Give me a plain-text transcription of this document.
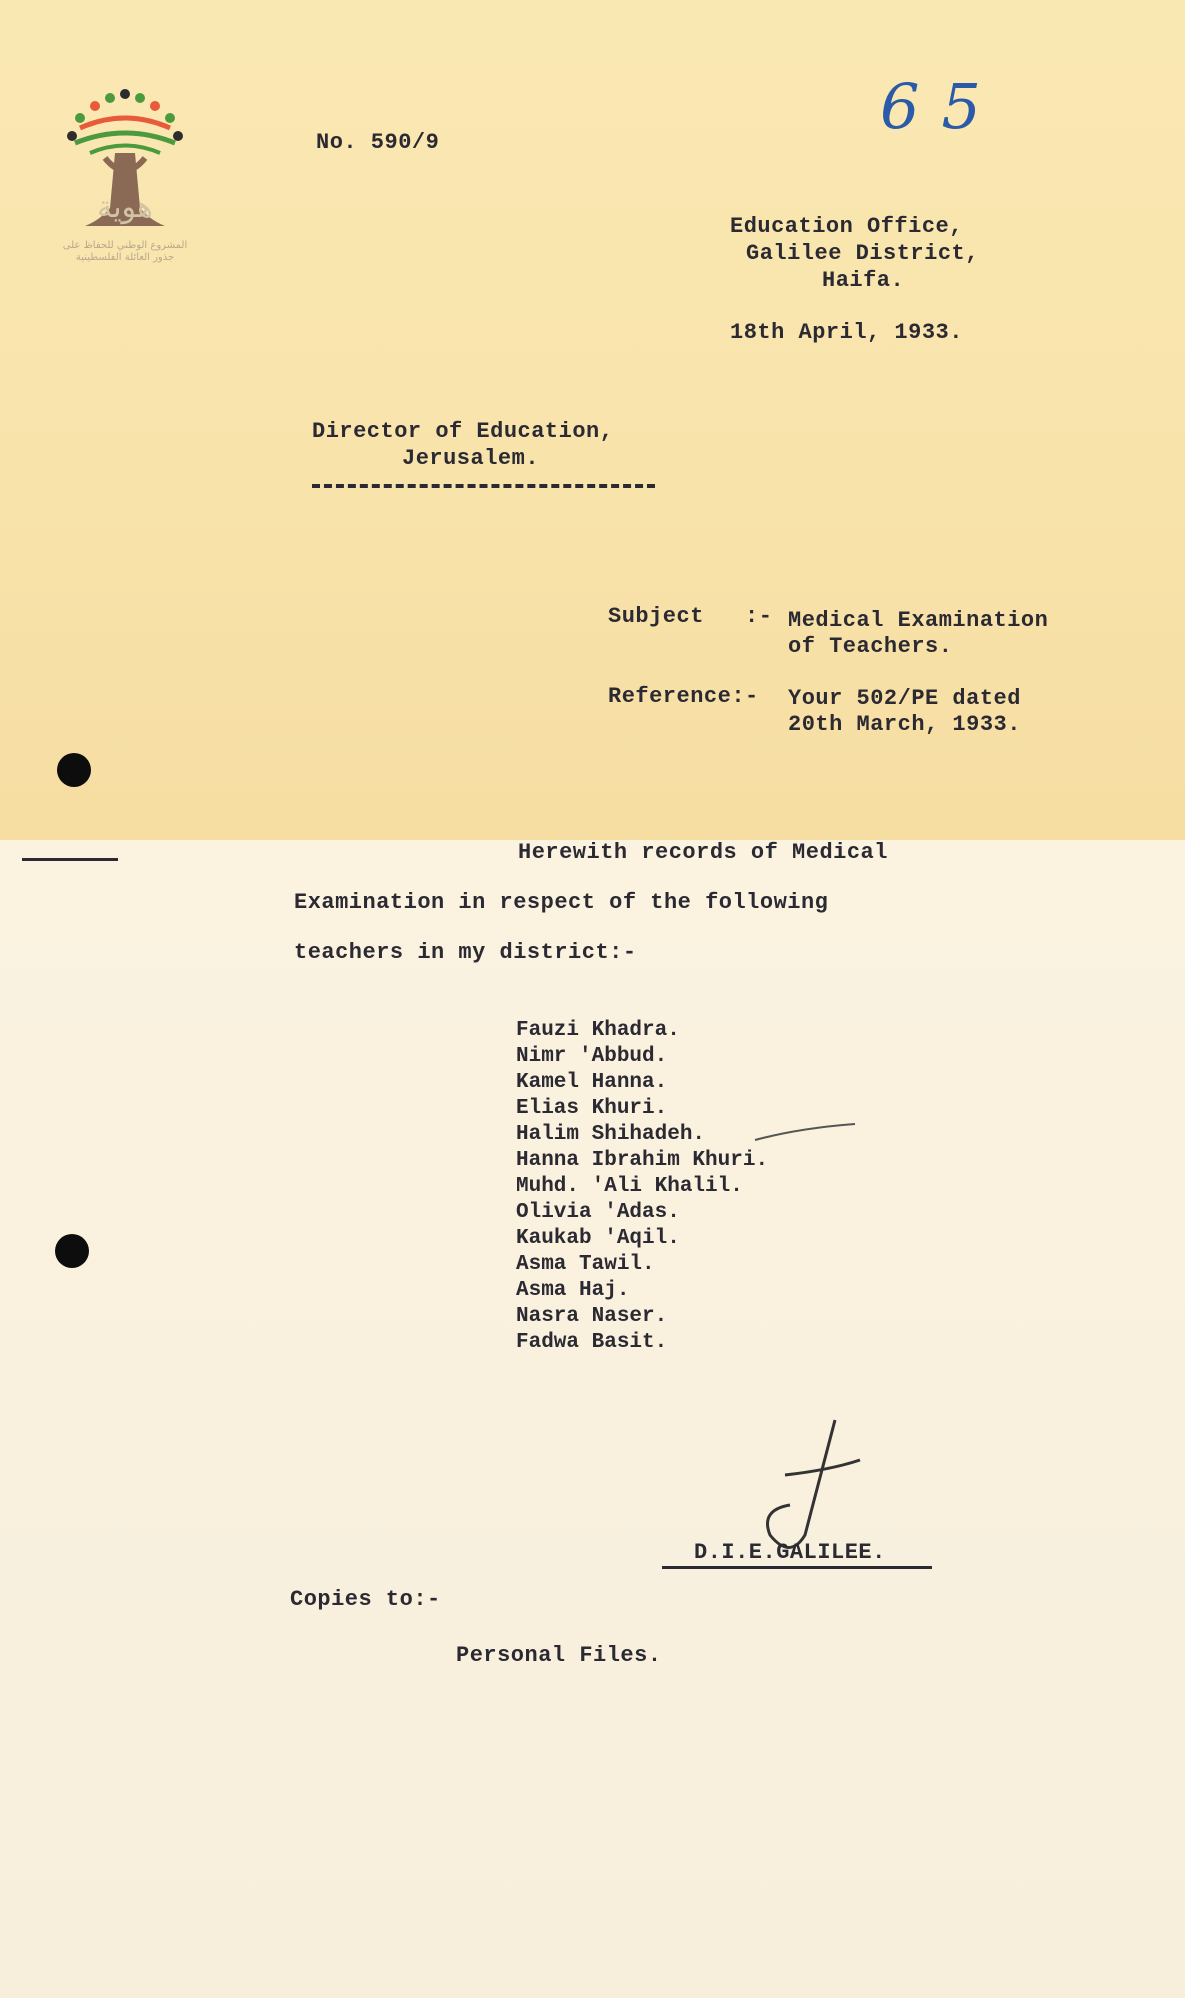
هوية
المشروع الوطني للحفاظ على
جذور العائلة الفلسطينية
65
No. 590/9
Education Office,
Galilee District,
Haifa.
18th April, 1933.
Director of Education,
Jerusalem.
Subject   :- Medical Examination
of Teachers.
Reference:- Your 502/PE dated
20th March, 1933.
Herewith records of Medical
Examination in respect of the following
teachers in my district:-
Fauzi Khadra.
Nimr 'Abbud.
Kamel Hanna.
Elias Khuri.
Halim Shihadeh.
Hanna Ibrahim Khuri.
Muhd. 'Ali Khalil.
Olivia 'Adas.
Kaukab 'Aqil.
Asma Tawil.
Asma Haj.
Nasra Naser.
Fadwa Basit.
D.I.E.GALILEE.
Copies to:-
Personal Files.
